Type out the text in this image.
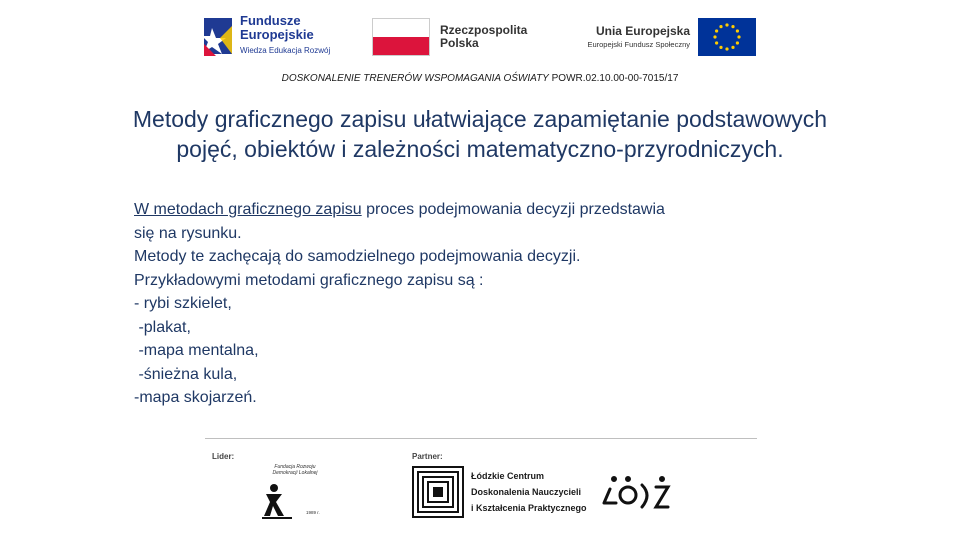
Fundusze
Europejskie
Wiedza Edukacja Rozwój
Rzeczpospolita
Polska
Unia Europejska
Europejski Fundusz Społeczny
DOSKONALENIE TRENERÓW WSPOMAGANIA OŚWIATY POWR.02.10.00-00-7015/17
Metody graficznego zapisu ułatwiające zapamiętanie podstawowych
pojęć, obiektów i zależności matematyczno-przyrodniczych.
W metodach graficznego zapisu proces podejmowania decyzji przedstawia
się na rysunku.
Metody te zachęcają do samodzielnego podejmowania decyzji.
Przykładowymi metodami graficznego zapisu są :
- rybi szkielet,
-plakat,
-mapa mentalna,
-śnieżna kula,
-mapa skojarzeń.
Lider:	Partner:
Fundacja Rozwoju Demokracji Lokalnej
1989 r.
Łódzkie Centrum
Doskonalenia Nauczycieli
i Kształcenia Praktycznego
